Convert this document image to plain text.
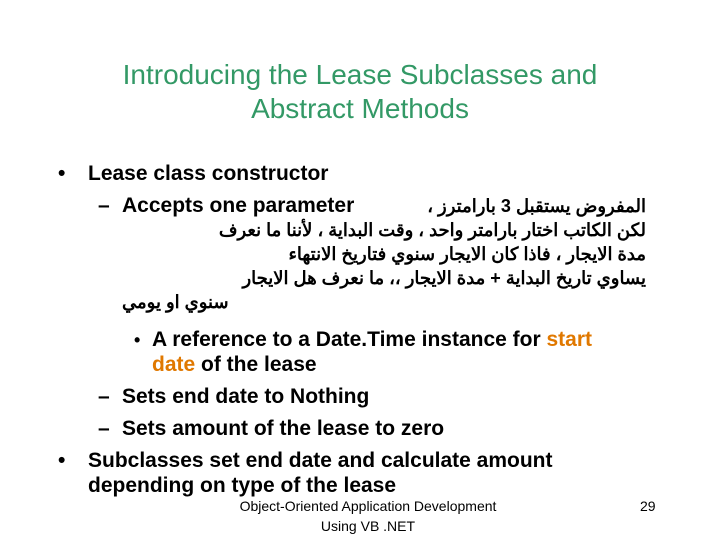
Introducing the Lease Subclasses and
Abstract Methods
• Lease class constructor
– Accepts one parameter	المفروض يستقبل 3 بارامترز ،
لكن الكاتب اختار بارامتر واحد ، وقت البداية ، لأننا ما نعرف
مدة الايجار ، فاذا كان الايجار سنوي فتاريخ الانتهاء
يساوي تاريخ البداية + مدة الايجار ،، ما نعرف هل الايجار
سنوي او يومي
• A reference to a Date.Time instance for start
date of the lease
– Sets end date to Nothing
– Sets amount of the lease to zero
• Subclasses set end date and calculate amount
depending on type of the lease
Object-Oriented Application Development
Using VB .NET
29
